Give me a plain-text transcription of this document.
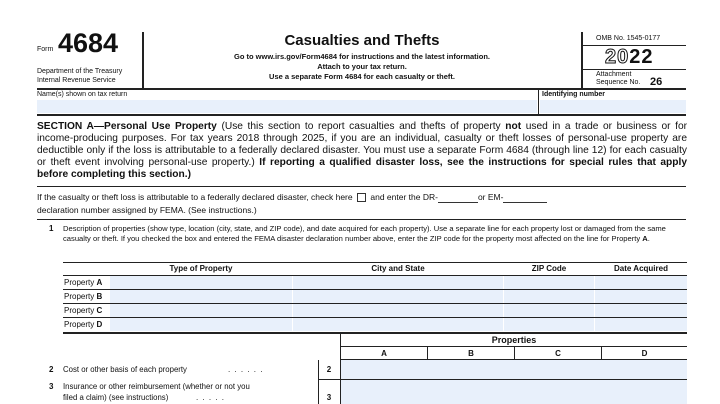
Form 4684
Department of the Treasury
Internal Revenue Service
Casualties and Thefts
Go to www.irs.gov/Form4684 for instructions and the latest information.
Attach to your tax return.
Use a separate Form 4684 for each casualty or theft.
OMB No. 1545-0177
2022
Attachment
Sequence No. 26
Name(s) shown on tax return	Identifying number

SECTION A—Personal Use Property (Use this section to report casualties and thefts of property not used in a trade or business or for income-producing purposes. For tax years 2018 through 2025, if you are an individual, casualty or theft losses of personal-use property are deductible only if the loss is attributable to a federally declared disaster. You must use a separate Form 4684 (through line 12) for each casualty or theft event involving personal-use property.) If reporting a qualified disaster loss, see the instructions for special rules that apply before completing this section.)

If the casualty or theft loss is attributable to a federally declared disaster, check here and enter the DR-	or EM-
declaration number assigned by FEMA. (See instructions.)
1 Description of properties (show type, location (city, state, and ZIP code), and date acquired for each property). Use a separate line for each property lost or damaged from the same casualty or theft. If you checked the box and entered the FEMA disaster declaration number above, enter the ZIP code for the property most affected on the line for Property A.

Type of Property	City and State	ZIP Code	Date Acquired
Property A
Property B
Property C
Property D
Properties
A	B	C	D
2 Cost or other basis of each property	. . . . . .	2
3 Insurance or other reimbursement (whether or not you
filed a claim) (see instructions)	. . . . .	3
